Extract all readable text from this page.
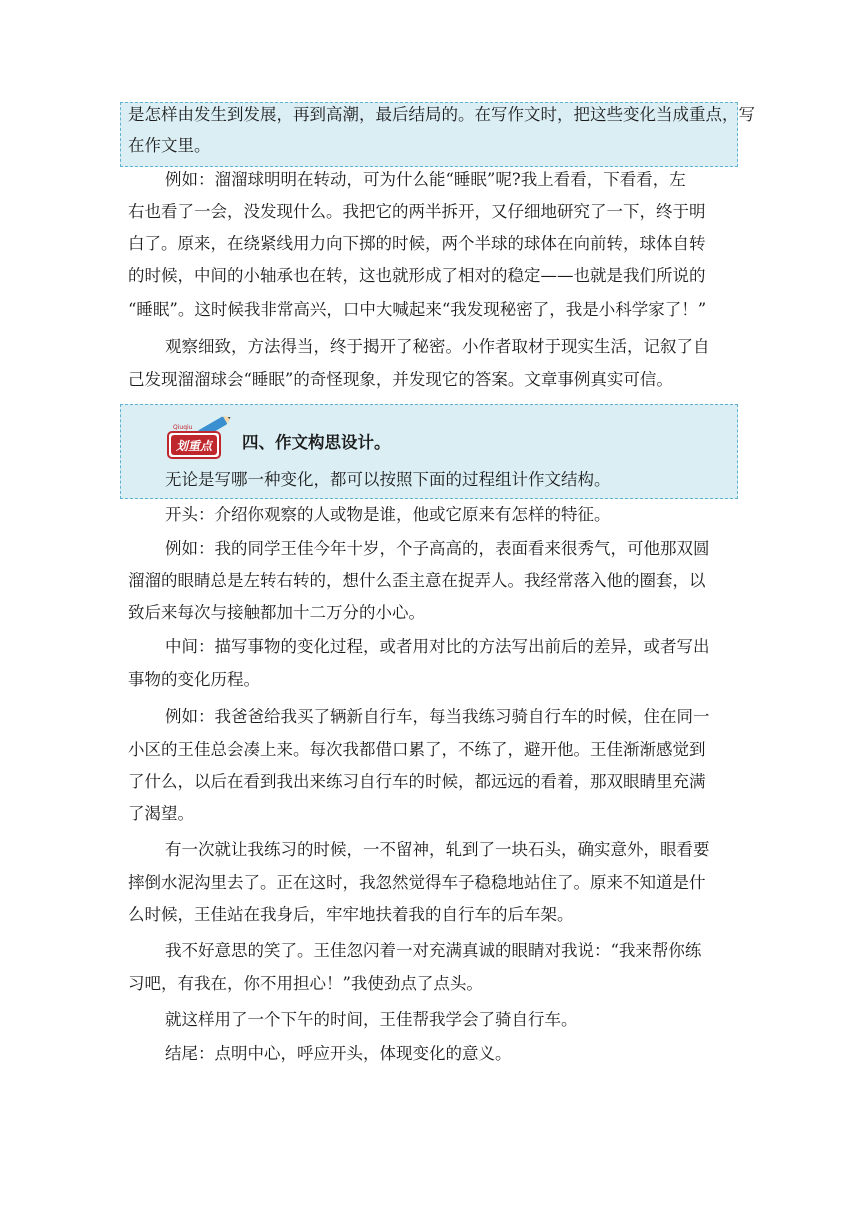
是怎样由发生到发展，再到高潮，最后结局的。在写作文时，把这些变化当成重点，写

在作文里。

例如：溜溜球明明在转动，可为什么能“睡眠”呢?我上看看，下看看，左

右也看了一会，没发现什么。我把它的两半拆开，又仔细地研究了一下，终于明

白了。原来，在绕紧线用力向下掷的时候，两个半球的球体在向前转，球体自转

的时候，中间的小轴承也在转，这也就形成了相对的稳定——也就是我们所说的

“睡眠”。这时候我非常高兴，口中大喊起来“我发现秘密了，我是小科学家了！”

观察细致，方法得当，终于揭开了秘密。小作者取材于现实生活，记叙了自

己发现溜溜球会“睡眠”的奇怪现象，并发现它的答案。文章事例真实可信。

Qiuqiu
划重点 四、作文构思设计。

无论是写哪一种变化，都可以按照下面的过程组计作文结构。

开头：介绍你观察的人或物是谁，他或它原来有怎样的特征。

例如：我的同学王佳今年十岁，个子高高的，表面看来很秀气，可他那双圆

溜溜的眼睛总是左转右转的，想什么歪主意在捉弄人。我经常落入他的圈套，以

致后来每次与接触都加十二万分的小心。

中间：描写事物的变化过程，或者用对比的方法写出前后的差异，或者写出

事物的变化历程。

例如：我爸爸给我买了辆新自行车，每当我练习骑自行车的时候，住在同一

小区的王佳总会凑上来。每次我都借口累了，不练了，避开他。王佳渐渐感觉到

了什么，以后在看到我出来练习自行车的时候，都远远的看着，那双眼睛里充满

了渴望。

有一次就让我练习的时候，一不留神，轧到了一块石头，确实意外，眼看要

摔倒水泥沟里去了。正在这时，我忽然觉得车子稳稳地站住了。原来不知道是什

么时候，王佳站在我身后，牢牢地扶着我的自行车的后车架。

我不好意思的笑了。王佳忽闪着一对充满真诚的眼睛对我说：“我来帮你练

习吧，有我在，你不用担心！”我使劲点了点头。

就这样用了一个下午的时间，王佳帮我学会了骑自行车。

结尾：点明中心，呼应开头，体现变化的意义。
